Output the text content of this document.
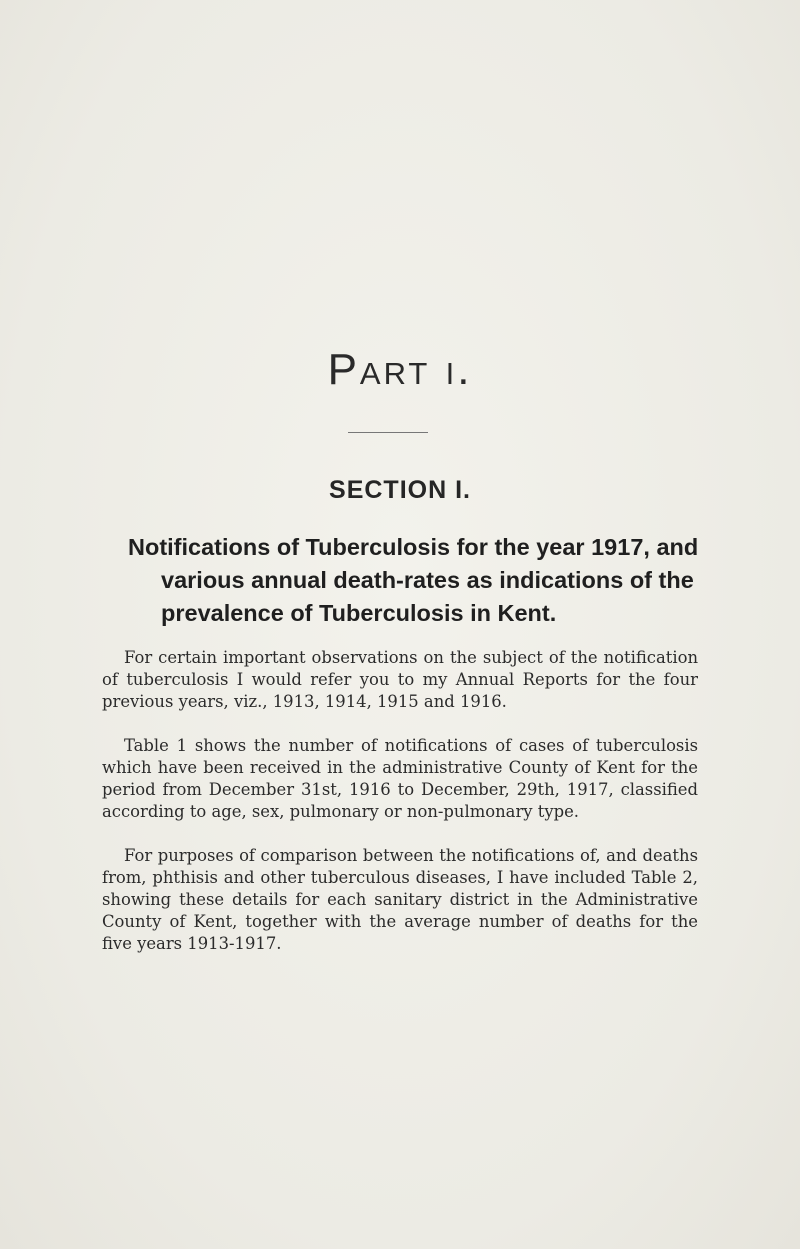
Part i.
SECTION I.
Notifications of Tuberculosis for the year 1917, and
various annual death-rates as indications of the
prevalence of Tuberculosis in Kent.

For certain important observations on the subject of the notification
of tuberculosis I would refer you to my Annual Reports for the four
previous years, viz., 1913, 1914, 1915 and 1916.

Table 1 shows the number of notifications of cases of tuberculosis
which have been received in the administrative County of Kent for the
period from December 31st, 1916 to December, 29th, 1917, classified
according to age, sex, pulmonary or non-pulmonary type.

For purposes of comparison between the notifications of, and deaths
from, phthisis and other tuberculous diseases, I have included Table 2,
showing these details for each sanitary district in the Administrative
County of Kent, together with the average number of deaths for the
five years 1913-1917.
